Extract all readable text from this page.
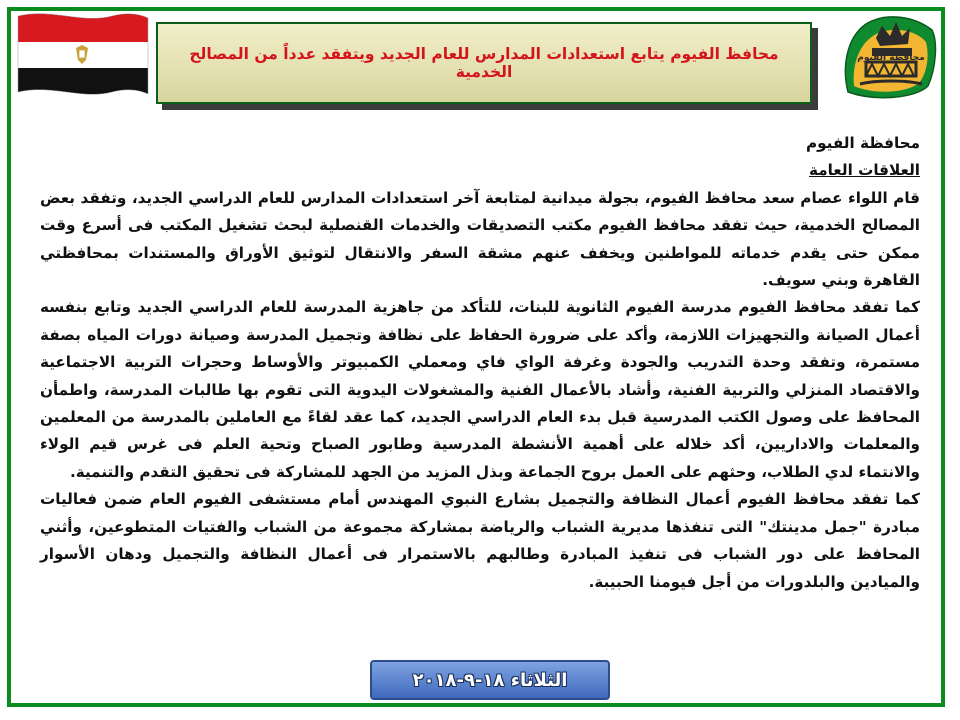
محافظ الفيوم يتابع استعدادات المدارس للعام الجديد ويتفقد عدداً من المصالح الخدمية
محافظة الفيوم

محافظة الفيوم

العلاقات العامة

قام اللواء عصام سعد محافظ الفيوم، بجولة ميدانية لمتابعة آخر استعدادات المدارس للعام الدراسي الجديد، وتفقد بعض المصالح الخدمية، حيث تفقد محافظ الفيوم مكتب التصديقات والخدمات القنصلية لبحث تشغيل المكتب فى أسرع وقت ممكن حتى يقدم خدماته للمواطنين ويخفف عنهم مشقة السفر والانتقال لتوثيق الأوراق والمستندات بمحافظتي القاهرة وبني سويف.

كما تفقد محافظ الفيوم مدرسة الفيوم الثانوية للبنات، للتأكد من جاهزية المدرسة للعام الدراسي الجديد وتابع بنفسه أعمال الصيانة والتجهيزات اللازمة، وأكد على ضرورة الحفاظ على نظافة وتجميل المدرسة وصيانة دورات المياه بصفة مستمرة، وتفقد وحدة التدريب والجودة وغرفة الواي فاي ومعملي الكمبيوتر والأوساط وحجرات التربية الاجتماعية والاقتصاد المنزلي والتربية الفنية، وأشاد بالأعمال الفنية والمشغولات اليدوية التى تقوم بها طالبات المدرسة، واطمأن المحافظ على وصول الكتب المدرسية قبل بدء العام الدراسي الجديد، كما عقد لقاءً مع العاملين بالمدرسة من المعلمين والمعلمات والاداريين، أكد خلاله على أهمية الأنشطة المدرسية وطابور الصباح وتحية العلم فى غرس قيم الولاء والانتماء لدي الطلاب، وحثهم على العمل بروح الجماعة وبذل المزيد من الجهد للمشاركة فى تحقيق التقدم والتنمية.

كما تفقد محافظ الفيوم أعمال النظافة والتجميل بشارع النبوي المهندس أمام مستشفى الفيوم العام ضمن فعاليات مبادرة "جمل مدينتك" التى تنفذها مديرية الشباب والرياضة بمشاركة مجموعة من الشباب والفتيات المتطوعين، وأثني المحافظ على دور الشباب فى تنفيذ المبادرة وطالبهم بالاستمرار فى أعمال النظافة والتجميل ودهان الأسوار والميادين والبلدورات من أجل فيومنا الحبيبة.

الثلاثاء ١٨-٩-٢٠١٨
